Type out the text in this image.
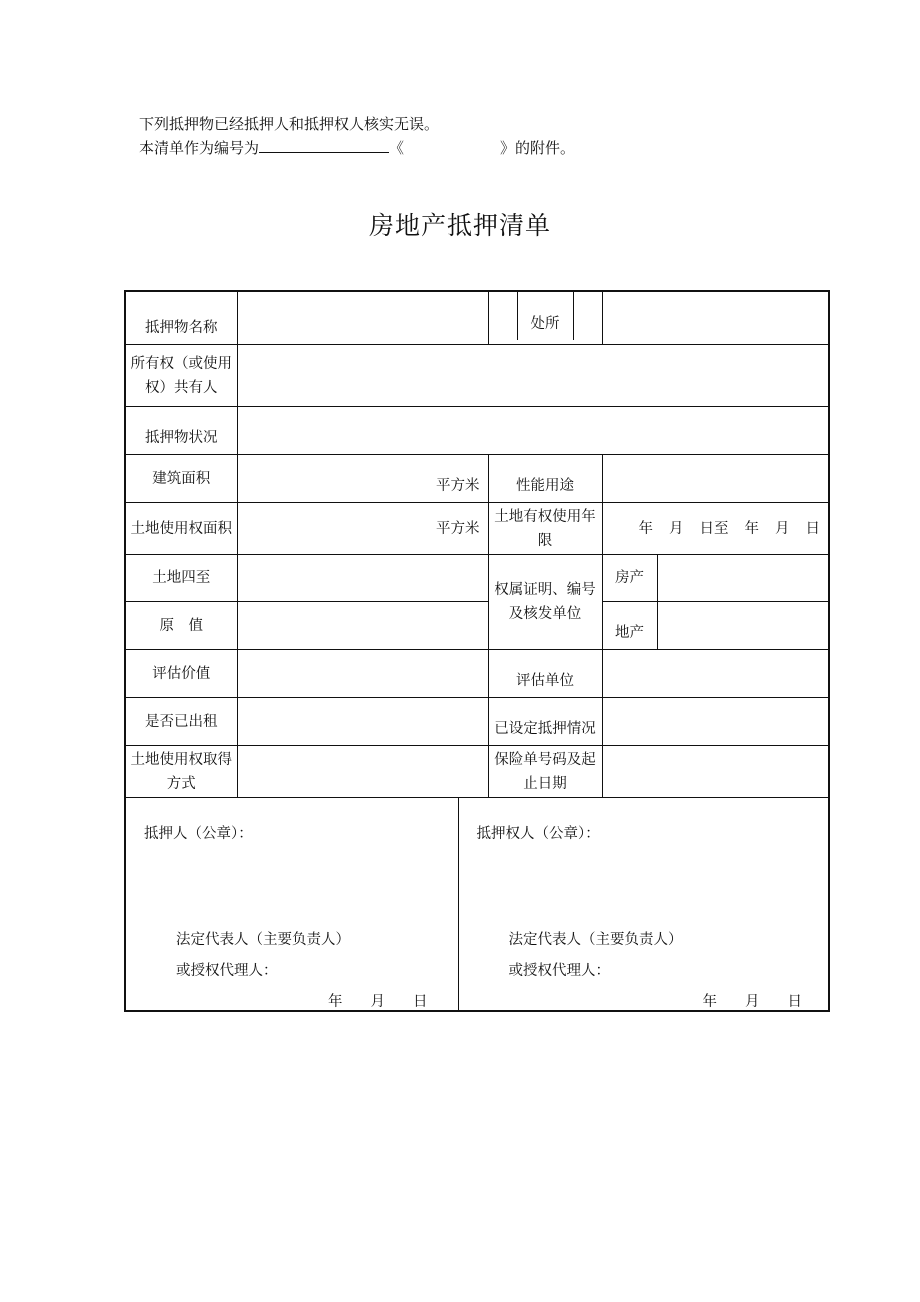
下列抵押物已经抵押人和抵押权人核实无误。
本清单作为编号为	《	》的附件。
房地产抵押清单
抵押物名称			处所		

所有权（或使用权）共有人					
抵押物状况					
建筑面积	平方米		性能用途		
土地使用权面积	平方米		土地有权使用年限	年 月 日至 年 月 日	
土地四至			权属证明、编号及核发单位	房产	
原　值				地产	
评估价值			评估单位		
是否已出租			已设定抵押情况		
土地使用权取得方式			保险单号码及起止日期		

抵押人（公章）：
法定代表人（主要负责人）
或授权代理人：
年 月 日		抵押权人（公章）：
法定代表人（主要负责人）
或授权代理人：
年 月 日			
